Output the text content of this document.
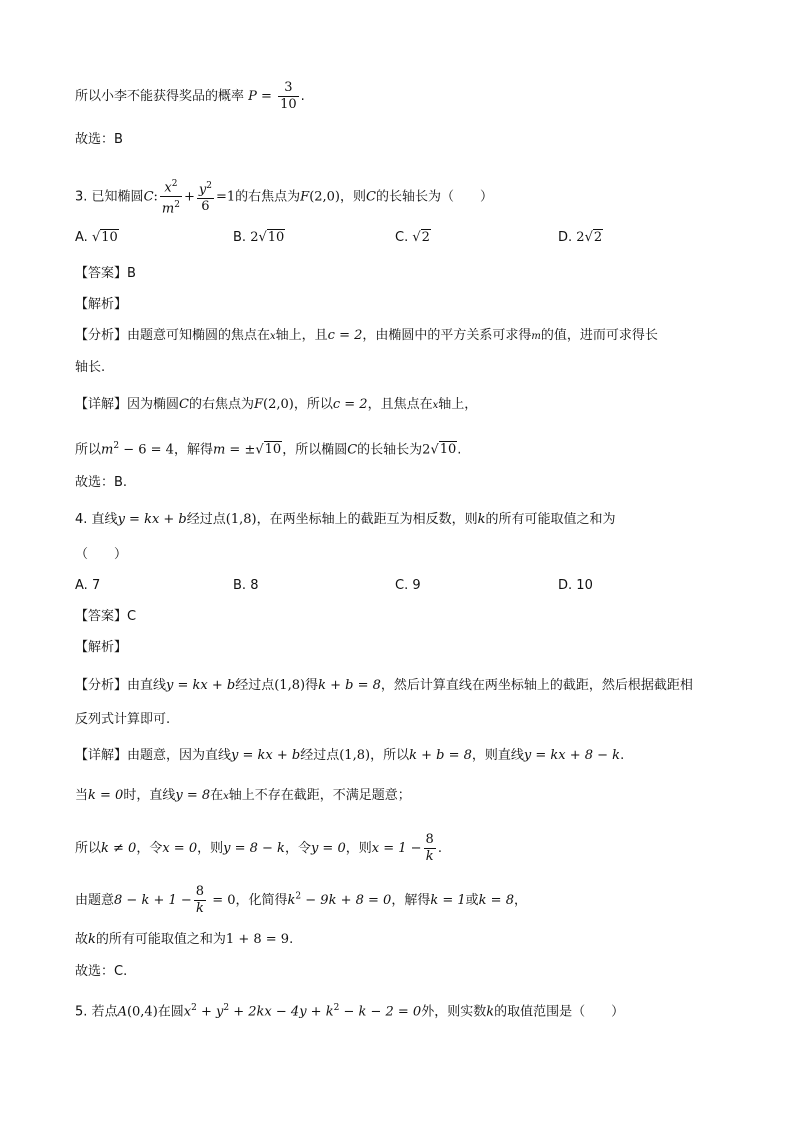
所以小李不能获得奖品的概率 $P = \frac{3}{10}$ .
故选：B
3. 已知椭圆C: $\frac{x^2}{m^2} + \frac{y^2}{6} =1$的右焦点为F(2,0)，则C的长轴长为（　　）
A. √10	B. 2√10	C. √2	D. 2√2
【答案】B
【解析】
【分析】由题意可知椭圆的焦点在x轴上，且c = 2，由椭圆中的平方关系可求得m的值，进而可求得长
轴长.
【详解】因为椭圆C的右焦点为F(2,0)，所以c = 2，且焦点在x轴上，
所以$m^2 - 6 = 4$，解得m = ±√10，所以椭圆C的长轴长为2√10.
故选：B.
4. 直线y = kx + b经过点(1,8)，在两坐标轴上的截距互为相反数，则k的所有可能取值之和为
（　　）
A. 7	B. 8	C. 9	D. 10
【答案】C
【解析】
【分析】由直线y = kx + b经过点(1,8)得k + b = 8，然后计算直线在两坐标轴上的截距，然后根据截距相
反列式计算即可.
【详解】由题意，因为直线y = kx + b经过点(1,8)，所以k + b = 8，则直线y = kx + 8 − k.
当k = 0时，直线y = 8在x轴上不存在截距，不满足题意；
所以k ≠ 0，令x = 0，则y = 8 − k，令y = 0，则$x = 1 - \frac{8}{k}$ .
由题意$8 - k + 1 - \frac{8}{k} = 0$，化简得$k^2 - 9k + 8 = 0$，解得k = 1或k = 8，
故k的所有可能取值之和为1 + 8 = 9.
故选：C.
5. 若点A(0,4)在圆$x^2 + y^2 + 2kx - 4y + k^2 - k - 2 = 0$外，则实数k的取值范围是（　　）
